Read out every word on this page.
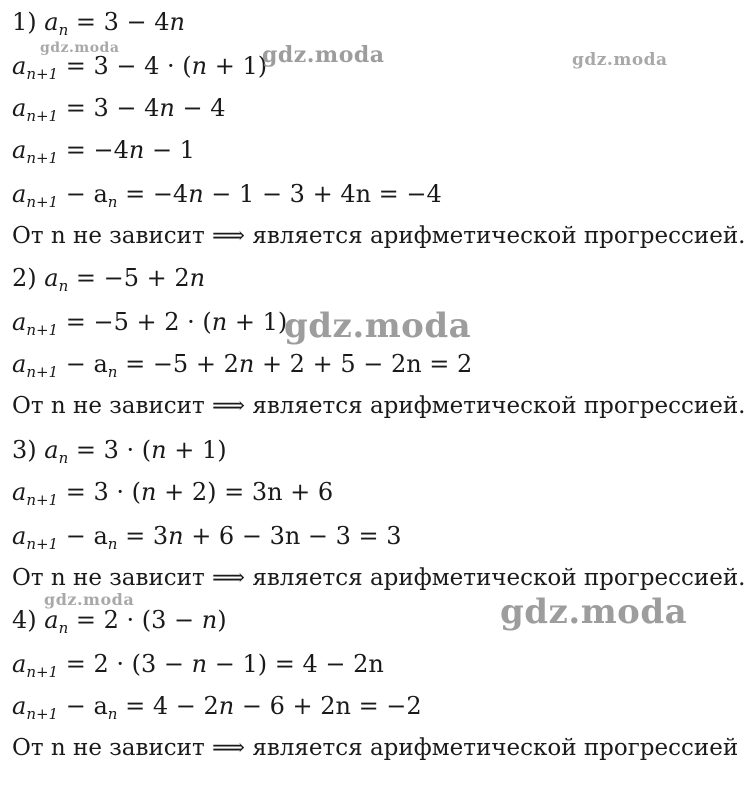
1) $a_n = 3 - 4n$
$a_{n+1} = 3 - 4 \cdot (n + 1)$
$a_{n+1} = 3 - 4n - 4$
$a_{n+1} = -4n - 1$
$a_{n+1} - a_n = -4n - 1 - 3 + 4n = -4$
От n не зависит ⟹ является арифметической прогрессией.
2) $a_n = -5 + 2n$
$a_{n+1} = -5 + 2 \cdot (n + 1)$
$a_{n+1} - a_n = -5 + 2n + 2 + 5 - 2n = 2$
От n не зависит ⟹ является арифметической прогрессией.
3) $a_n = 3 \cdot (n + 1)$
$a_{n+1} = 3 \cdot (n + 2) = 3n + 6$
$a_{n+1} - a_n = 3n + 6 - 3n - 3 = 3$
От n не зависит ⟹ является арифметической прогрессией.
4) $a_n = 2 \cdot (3 - n)$
$a_{n+1} = 2 \cdot (3 - n - 1) = 4 - 2n$
$a_{n+1} - a_n = 4 - 2n - 6 + 2n = -2$
От n не зависит ⟹ является арифметической прогрессией
gdz.moda	gdz.moda	gdz.moda
gdz.moda
gdz.moda	gdz.moda
